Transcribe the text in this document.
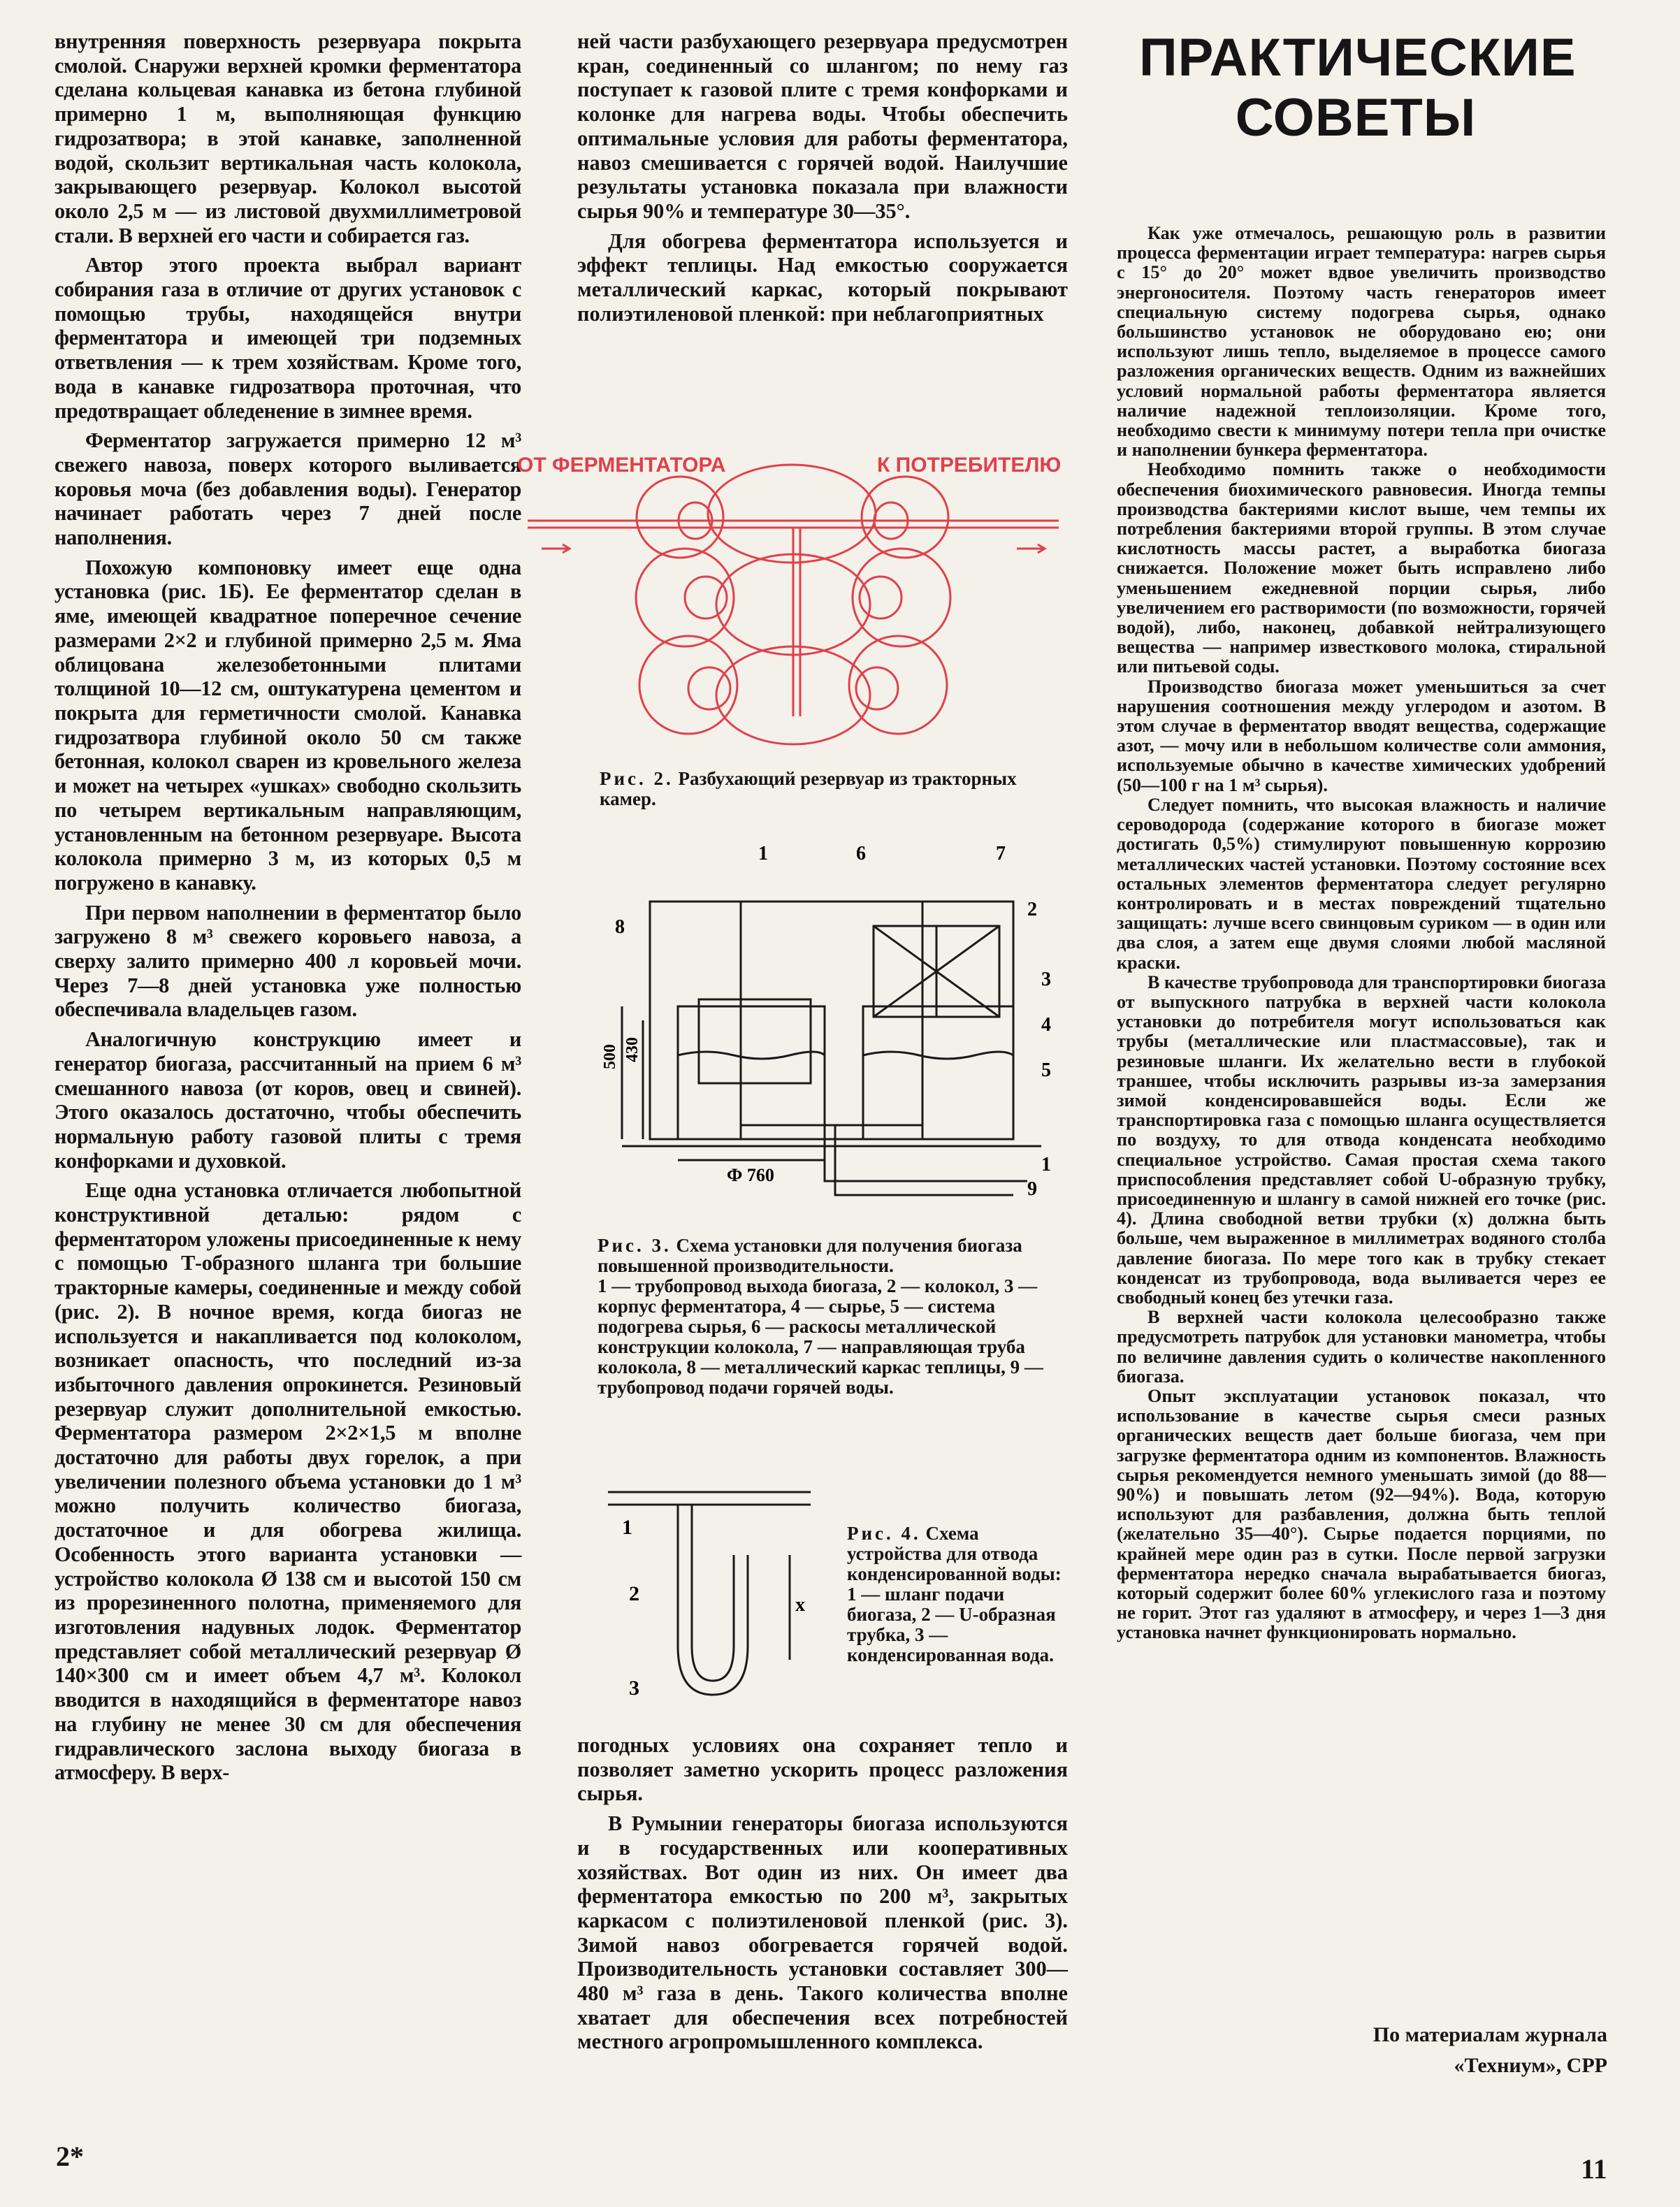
внутренняя поверхность резервуара покрыта смолой. Снаружи верхней кромки ферментатора сделана кольцевая канавка из бетона глубиной примерно 1 м, выполняющая функцию гидрозатвора; в этой канавке, заполненной водой, скользит вертикальная часть колокола, закрывающего резервуар. Колокол высотой около 2,5 м — из листовой двухмиллиметровой стали. В верхней его части и собирается газ.

Автор этого проекта выбрал вариант собирания газа в отличие от других установок с помощью трубы, находящейся внутри ферментатора и имеющей три подземных ответвления — к трем хозяйствам. Кроме того, вода в канавке гидрозатвора проточная, что предотвращает обледенение в зимнее время.

Ферментатор загружается примерно 12 м³ свежего навоза, поверх которого выливается коровья моча (без добавления воды). Генератор начинает работать через 7 дней после наполнения.

Похожую компоновку имеет еще одна установка (рис. 1Б). Ее ферментатор сделан в яме, имеющей квадратное поперечное сечение размерами 2×2 и глубиной примерно 2,5 м. Яма облицована железобетонными плитами толщиной 10—12 см, оштукатурена цементом и покрыта для герметичности смолой. Канавка гидрозатвора глубиной около 50 см также бетонная, колокол сварен из кровельного железа и может на четырех «ушках» свободно скользить по четырем вертикальным направляющим, установленным на бетонном резервуаре. Высота колокола примерно 3 м, из которых 0,5 м погружено в канавку.

При первом наполнении в ферментатор было загружено 8 м³ свежего коровьего навоза, а сверху залито примерно 400 л коровьей мочи. Через 7—8 дней установка уже полностью обеспечивала владельцев газом.

Аналогичную конструкцию имеет и генератор биогаза, рассчитанный на прием 6 м³ смешанного навоза (от коров, овец и свиней). Этого оказалось достаточно, чтобы обеспечить нормальную работу газовой плиты с тремя конфорками и духовкой.

Еще одна установка отличается любопытной конструктивной деталью: рядом с ферментатором уложены присоединенные к нему с помощью Т-образного шланга три большие тракторные камеры, соединенные и между собой (рис. 2). В ночное время, когда биогаз не используется и накапливается под колоколом, возникает опасность, что последний из-за избыточного давления опрокинется. Резиновый резервуар служит дополнительной емкостью. Ферментатора размером 2×2×1,5 м вполне достаточно для работы двух горелок, а при увеличении полезного объема установки до 1 м³ можно получить количество биогаза, достаточное и для обогрева жилища. Особенность этого варианта установки — устройство колокола Ø 138 см и высотой 150 см из прорезиненного полотна, применяемого для изготовления надувных лодок. Ферментатор представляет собой металлический резервуар Ø 140×300 см и имеет объем 4,7 м³. Колокол вводится в находящийся в ферментаторе навоз на глубину не менее 30 см для обеспечения гидравлического заслона выходу биогаза в атмосферу. В верх-

ней части разбухающего резервуара предусмотрен кран, соединенный со шлангом; по нему газ поступает к газовой плите с тремя конфорками и колонке для нагрева воды. Чтобы обеспечить оптимальные условия для работы ферментатора, навоз смешивается с горячей водой. Наилучшие результаты установка показала при влажности сырья 90% и температуре 30—35°.

Для обогрева ферментатора используется и эффект теплицы. Над емкостью сооружается металлический каркас, который покрывают полиэтиленовой пленкой: при неблагоприятных

ОТ ФЕРМЕНТАТОРА	К ПОТРЕБИТЕЛЮ
Рис. 2. Разбухающий резервуар из тракторных камер.
1	6	7
2
3
4
5
8
1
9
500 430
Ф 760
Рис. 3. Схема установки для получения биогаза повышенной производительности.
1 — трубопровод выхода биогаза, 2 — колокол, 3 — корпус ферментатора, 4 — сырье, 5 — система подогрева сырья, 6 — раскосы металлической конструкции колокола, 7 — направляющая труба колокола, 8 — металлический каркас теплицы, 9 — трубопровод подачи горячей воды.
1
2
3
x
Рис. 4. Схема устройства для отвода конденсированной воды:
1 — шланг подачи биогаза, 2 — U-образная трубка, 3 — конденсированная вода.

погодных условиях она сохраняет тепло и позволяет заметно ускорить процесс разложения сырья.

В Румынии генераторы биогаза используются и в государственных или кооперативных хозяйствах. Вот один из них. Он имеет два ферментатора емкостью по 200 м³, закрытых каркасом с полиэтиленовой пленкой (рис. 3). Зимой навоз обогревается горячей водой. Производительность установки составляет 300—480 м³ газа в день. Такого количества вполне хватает для обеспечения всех потребностей местного агропромышленного комплекса.

ПРАКТИЧЕСКИЕ
СОВЕТЫ

Как уже отмечалось, решающую роль в развитии процесса ферментации играет температура: нагрев сырья с 15° до 20° может вдвое увеличить производство энергоносителя. Поэтому часть генераторов имеет специальную систему подогрева сырья, однако большинство установок не оборудовано ею; они используют лишь тепло, выделяемое в процессе самого разложения органических веществ. Одним из важнейших условий нормальной работы ферментатора является наличие надежной теплоизоляции. Кроме того, необходимо свести к минимуму потери тепла при очистке и наполнении бункера ферментатора.

Необходимо помнить также о необходимости обеспечения биохимического равновесия. Иногда темпы производства бактериями кислот выше, чем темпы их потребления бактериями второй группы. В этом случае кислотность массы растет, а выработка биогаза снижается. Положение может быть исправлено либо уменьшением ежедневной порции сырья, либо увеличением его растворимости (по возможности, горячей водой), либо, наконец, добавкой нейтрализующего вещества — например известкового молока, стиральной или питьевой соды.

Производство биогаза может уменьшиться за счет нарушения соотношения между углеродом и азотом. В этом случае в ферментатор вводят вещества, содержащие азот, — мочу или в небольшом количестве соли аммония, используемые обычно в качестве химических удобрений (50—100 г на 1 м³ сырья).

Следует помнить, что высокая влажность и наличие сероводорода (содержание которого в биогазе может достигать 0,5%) стимулируют повышенную коррозию металлических частей установки. Поэтому состояние всех остальных элементов ферментатора следует регулярно контролировать и в местах повреждений тщательно защищать: лучше всего свинцовым суриком — в один или два слоя, а затем еще двумя слоями любой масляной краски.

В качестве трубопровода для транспортировки биогаза от выпускного патрубка в верхней части колокола установки до потребителя могут использоваться как трубы (металлические или пластмассовые), так и резиновые шланги. Их желательно вести в глубокой траншее, чтобы исключить разрывы из-за замерзания зимой конденсировавшейся воды. Если же транспортировка газа с помощью шланга осуществляется по воздуху, то для отвода конденсата необходимо специальное устройство. Самая простая схема такого приспособления представляет собой U-образную трубку, присоединенную и шлангу в самой нижней его точке (рис. 4). Длина свободной ветви трубки (х) должна быть больше, чем выраженное в миллиметрах водяного столба давление биогаза. По мере того как в трубку стекает конденсат из трубопровода, вода выливается через ее свободный конец без утечки газа.

В верхней части колокола целесообразно также предусмотреть патрубок для установки манометра, чтобы по величине давления судить о количестве накопленного биогаза.

Опыт эксплуатации установок показал, что использование в качестве сырья смеси разных органических веществ дает больше биогаза, чем при загрузке ферментатора одним из компонентов. Влажность сырья рекомендуется немного уменьшать зимой (до 88—90%) и повышать летом (92—94%). Вода, которую используют для разбавления, должна быть теплой (желательно 35—40°). Сырье подается порциями, по крайней мере один раз в сутки. После первой загрузки ферментатора нередко сначала вырабатывается биогаз, который содержит более 60% углекислого газа и поэтому не горит. Этот газ удаляют в атмосферу, и через 1—3 дня установка начнет функционировать нормально.

По материалам журнала
«Техниум», СРР
2*	11
